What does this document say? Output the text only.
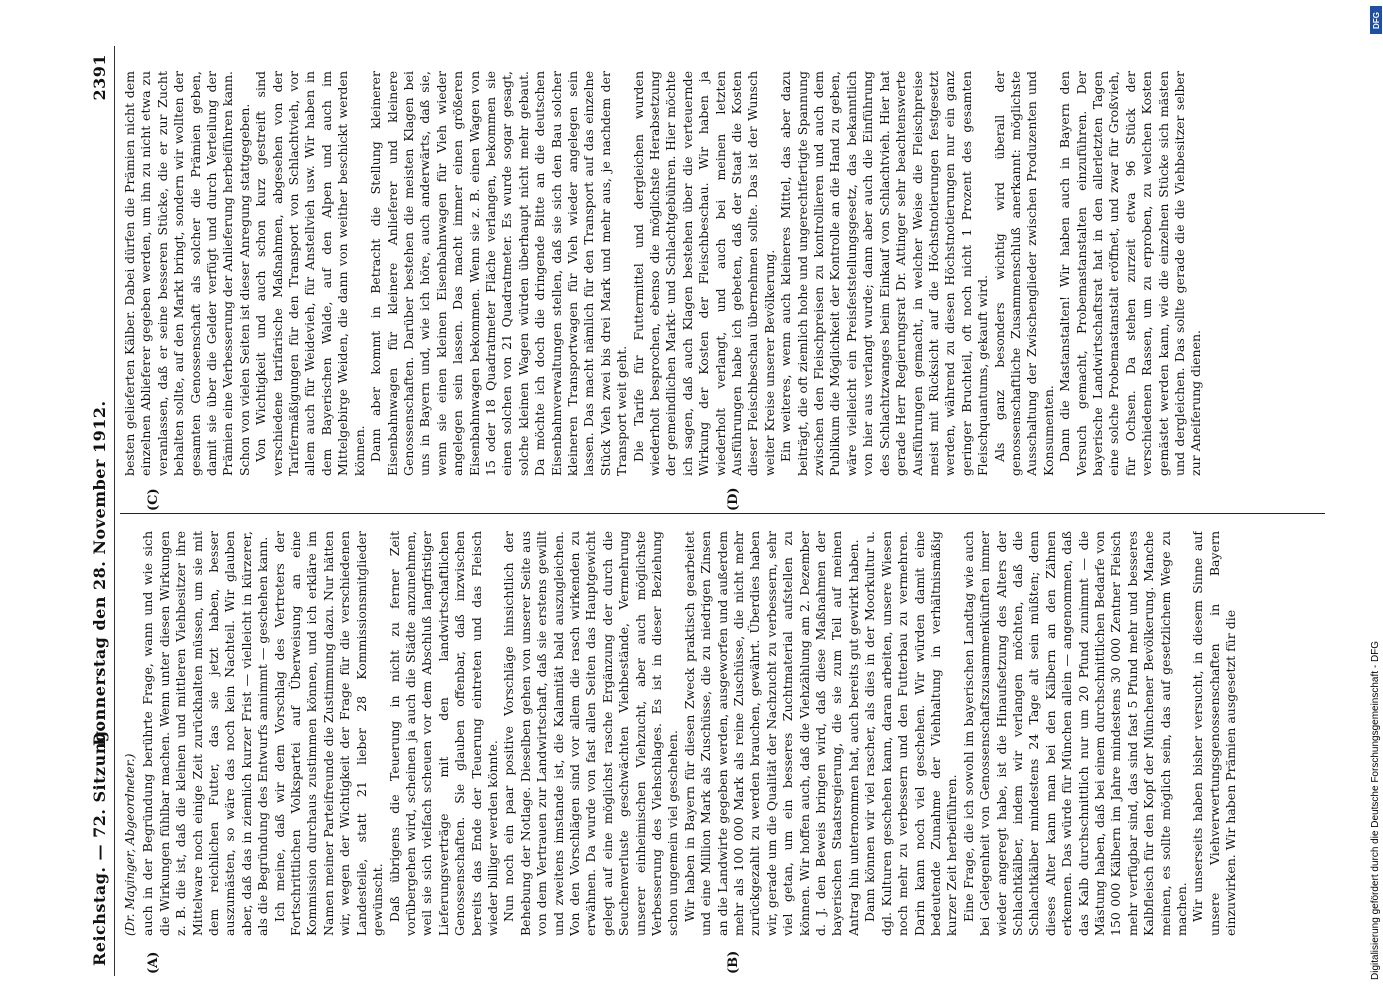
Reichstag. — 72. Sitzung.
Donnerstag den 28. November 1912.
2391
(A)	(B)
(C)	(D)
(Dr. Mayinger, Abgeordneter.) auch in der Begründung berührte Frage, wann und wie sich die Wirkungen fühlbar machen. Wenn unter diesen Wirkungen z. B. die ist, daß die kleinen und mittleren Viehbesitzer ihre Mittelware noch einige Zeit zurückhalten müssen, um sie mit dem reichlichen Futter, das sie jetzt haben, besser auszumästen, so wäre das noch kein Nachteil. Wir glauben aber, daß das in ziemlich kurzer Frist — vielleicht in kürzerer, als die Begründung des Entwurfs annimmt — geschehen kann. Ich meine, daß wir dem Vorschlag des Vertreters der Fortschrittlichen Volkspartei auf Überweisung an eine Kommission durchaus zustimmen können, und ich erkläre im Namen meiner Parteifreunde die Zustimmung dazu. Nur hätten wir, wegen der Wichtigkeit der Frage für die verschiedenen Landesteile, statt 21 lieber 28 Kommissionsmitglieder gewünscht. Daß übrigens die Teuerung in nicht zu ferner Zeit vorübergehen wird, scheinen ja auch die Städte anzunehmen, weil sie sich vielfach scheuen vor dem Abschluß langfristiger Lieferungsverträge mit den landwirtschaftlichen Genossenschaften. Sie glauben offenbar, daß inzwischen bereits das Ende der Teuerung eintreten und das Fleisch wieder billiger werden könnte. Nun noch ein paar positive Vorschläge hinsichtlich der Behebung der Notlage. Dieselben gehen von unserer Seite aus von dem Vertrauen zur Landwirtschaft, daß sie erstens gewillt und zweitens imstande ist, die Kalamität bald auszugleichen. Von den Vorschlägen sind vor allem die rasch wirkenden zu erwähnen. Da wurde von fast allen Seiten das Hauptgewicht gelegt auf eine möglichst rasche Ergänzung der durch die Seuchenverluste geschwächten Viehbestände, Vermehrung unserer einheimischen Viehzucht, aber auch möglichste Verbesserung des Viehschlages. Es ist in dieser Beziehung schon ungemein viel geschehen. Wir haben in Bayern für diesen Zweck praktisch gearbeitet und eine Million Mark als Zuschüsse, die zu niedrigen Zinsen an die Landwirte gegeben werden, ausgeworfen und außerdem mehr als 100 000 Mark als reine Zuschüsse, die nicht mehr zurückgezahlt zu werden brauchen, gewährt. Überdies haben wir, gerade um die Qualität der Nachzucht zu verbessern, sehr viel getan, um ein besseres Zuchtmaterial aufstellen zu können. Wir hoffen auch, daß die Viehzählung am 2. Dezember d. J. den Beweis bringen wird, daß diese Maßnahmen der bayerischen Staatsregierung, die sie zum Teil auf meinen Antrag hin unternommen hat, auch bereits gut gewirkt haben. Dann können wir viel rascher, als dies in der Moorkultur u. dgl. Kulturen geschehen kann, daran arbeiten, unsere Wiesen noch mehr zu verbessern und den Futterbau zu vermehren. Darin kann noch viel geschehen. Wir würden damit eine bedeutende Zunahme der Viehhaltung in verhältnismäßig kurzer Zeit herbeiführen. Eine Frage, die ich sowohl im bayerischen Landtag wie auch bei Gelegenheit von Genossenschaftszusammenkünften immer wieder angeregt habe, ist die Hinaufsetzung des Alters der Schlachtkälber, indem wir verlangen möchten, daß die Schlachtkälber mindestens 24 Tage alt sein müßten; denn dieses Alter kann man bei den Kälbern an den Zähnen erkennen. Das würde für München allein — angenommen, daß das Kalb durchschnittlich nur um 20 Pfund zunimmt — die Mästung haben, daß bei einem durchschnittlichen Bedarfe von 150 000 Kälbern im Jahre mindestens 30 000 Zentner Fleisch mehr verfügbar sind, das sind fast 5 Pfund mehr und besseres Kalbfleisch für den Kopf der Münchener Bevölkerung. Manche meinen, es sollte möglich sein, das auf gesetzlichem Wege zu machen. Wir unserseits haben bisher versucht, in diesem Sinne auf unsere Viehverwertungsgenossenschaften in Bayern einzuwirken. Wir haben Prämien ausgesetzt für die

besten gelieferten Kälber. Dabei dürfen die Prämien nicht dem einzelnen Ablieferer gegeben werden, um ihn zu nicht etwa zu veranlassen, daß er seine besseren Stücke, die er zur Zucht behalten sollte, auf den Markt bringt, sondern wir wollten der gesamten Genossenschaft als solcher die Prämien geben, damit sie über die Gelder verfügt und durch Verteilung der Prämien eine Verbesserung der Anlieferung herbeiführen kann. Schon von vielen Seiten ist dieser Anregung stattgegeben. Von Wichtigkeit und auch schon kurz gestreift sind verschiedene tarifarische Maßnahmen, abgesehen von der Tarifermäßigungen für den Transport von Schlachtvieh, vor allem auch für Weidevieh, für Anstellvieh usw. Wir haben in dem Bayerischen Walde, auf den Alpen und auch im Mittelgebirge Weiden, die dann von weither beschickt werden können. Dann aber kommt in Betracht die Stellung kleinerer Eisenbahnwagen für kleinere Anlieferer und kleinere Genossenschaften. Darüber bestehen die meisten Klagen bei uns in Bayern und, wie ich höre, auch anderwärts, daß sie, wenn sie einen kleinen Eisenbahnwagen für Vieh wieder angelegen sein lassen. Das macht immer einen größeren Eisenbahnwagen bekommen. Wenn sie z. B. einen Wagen von 15 oder 18 Quadratmeter Fläche verlangen, bekommen sie einen solchen von 21 Quadratmeter. Es wurde sogar gesagt, solche kleinen Wagen würden überhaupt nicht mehr gebaut. Da möchte ich doch die dringende Bitte an die deutschen Eisenbahnverwaltungen stellen, daß sie sich den Bau solcher kleineren Transportwagen für Vieh wieder angelegen sein lassen. Das macht nämlich für den Transport auf das einzelne Stück Vieh zwei bis drei Mark und mehr aus, je nachdem der Transport weit geht. Die Tarife für Futtermittel und dergleichen wurden wiederholt besprochen, ebenso die möglichste Herabsetzung der gemeindlichen Markt- und Schlachtgebühren. Hier möchte ich sagen, daß auch Klagen bestehen über die verteuernde Wirkung der Kosten der Fleischbeschau. Wir haben ja wiederholt verlangt, und auch bei meinen letzten Ausführungen habe ich gebeten, daß der Staat die Kosten dieser Fleischbeschau übernehmen sollte. Das ist der Wunsch weiter Kreise unserer Bevölkerung. Ein weiteres, wenn auch kleineres Mittel, das aber dazu beiträgt, die oft ziemlich hohe und ungerechtfertigte Spannung zwischen den Fleischpreisen zu kontrollieren und auch dem Publikum die Möglichkeit der Kontrolle an die Hand zu geben, wäre vielleicht ein Preisfeststellungsgesetz, das bekanntlich von hier aus verlangt wurde; dann aber auch die Einführung des Schlachtzwanges beim Einkauf von Schlachtvieh. Hier hat gerade Herr Regierungsrat Dr. Attinger sehr beachtenswerte Ausführungen gemacht, in welcher Weise die Fleischpreise meist mit Rücksicht auf die Höchstnotierungen festgesetzt werden, während zu diesen Höchstnotierungen nur ein ganz geringer Bruchteil, oft noch nicht 1 Prozent des gesamten Fleischquantums, gekauft wird. Als ganz besonders wichtig wird überall der genossenschaftliche Zusammenschluß anerkannt: möglichste Ausschaltung der Zwischenglieder zwischen Produzenten und Konsumenten. Dann die Mastanstalten! Wir haben auch in Bayern den Versuch gemacht, Probemastanstalten einzuführen. Der bayerische Landwirtschaftsrat hat in den allerletzten Tagen eine solche Probemastanstalt eröffnet, und zwar für Großvieh, für Ochsen. Da stehen zurzeit etwa 96 Stück der verschiedenen Rassen, um zu erproben, zu welchen Kosten gemästet werden kann, wie die einzelnen Stücke sich mästen und dergleichen. Das sollte gerade die die Viehbesitzer selber zur Aneiferung dienen.

DFG
Digitalisierung gefördert durch die Deutsche Forschungsgemeinschaft - DFG
